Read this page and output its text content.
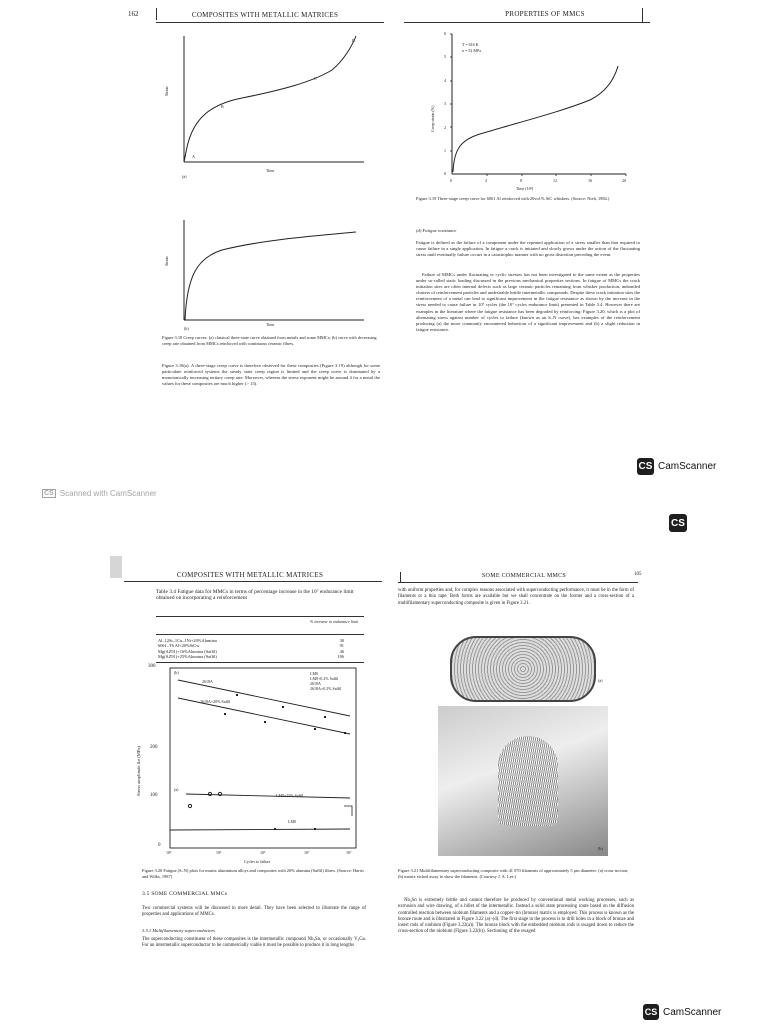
162	COMPOSITES WITH METALLIC MATRICES
Strain
A
B
C
D
(a)
Time
Strain
(b)
Time
Figure 3.18 Creep curves: (a) classical three-state curve obtained from metals and some MMCs; (b) curve with decreasing creep rate obtained from MMCs reinforced with continuous ceramic fibres.
Figure 3.18(a). A three-stage creep curve is therefore observed for these composites (Figure 3.19) although for some particulate reinforced systems the steady state creep region is limited and the creep curve is dominated by a monotonically increasing tertiary creep rate. Moreover, whereas the stress exponent might be around 4 for a metal the values for these composites are much higher (> 13).
PROPERTIES OF MMCS
T = 616 K
σ = 52 MPa
Creep strain (%)
6
5
4
3
2
1
0
0	4	8	12	16	20
Time (10³)
Figure 3.19 Three-stage creep curve for 6061 Al reinforced with 20vol.% SiC whiskers. (Source: Nieh, 1984.)
(d) Fatigue resistance
Fatigue is defined as the failure of a component under the repeated application of a stress smaller than that required to cause failure in a single application. In fatigue a crack is initiated and slowly grows under the action of the fluctuating stress until eventually failure occurs in a catastrophic manner with no gross distortion preceding the event.
Failure of MMCs under fluctuating or cyclic stresses has not been investigated to the same extent as the properties under so-called static loading discussed in the previous mechanical properties sections. In fatigue of MMCs the crack initiation sites are often internal defects such as large ceramic particles remaining from whisker production, unbonded clusters of reinforcement particles and undesirable brittle intermetallic compounds. Despite these crack initiation sites the reinforcement of a metal can lead to significant improvement in the fatigue resistance as shown by the increase in the stress needed to cause failure in 10⁷ cycles (the 10⁷ cycles endurance limit) presented in Table 3.4. However there are examples in the literature where the fatigue resistance has been degraded by reinforcing: Figure 3.20, which is a plot of alternating stress against number of cycles to failure (known as an S–N curve), has examples of the reinforcement producing (a) the more commonly encountered behaviour of a significant improvement and (b) a slight reduction in fatigue resistance.
CS CamScanner
CS Scanned with CamScanner
CS
COMPOSITES WITH METALLIC MATRICES
Table 3.4 Fatigue data for MMCs in terms of percentage increase in the 10⁷ endurance limit obtained on incorporating a reinforcement
% increase in endurance limit
Al–12Si–1Cu–1Ni+20%Alumina	30
6061–T6 Al+20%SiCw	91
Mg(AZ91)+16%Alumina (Saffil)	46
Mg(AZ91)+25%Alumina (Saffil)	106
300
200
100
0
Stress amplitude Δσ (MPa)
(b)
(a)
LM0
LM0+0.2% Saffil
2618A
2618A+0.2% Saffil
2618A
2618A+20% Saffil
LM0+25% Saffil
LM0
10³	10⁵	10⁵	10⁷	10⁷
Cycles to failure
Figure 3.20 Fatigue (S–N) plots for matrix aluminium alloys and composites with 20% alumina (Saffil) fibres. (Source: Harris and Wilks, 1987)
3.5 SOME COMMERCIAL MMCs
Two commercial systems will be discussed in more detail. They have been selected to illustrate the range of properties and applications of MMCs.
3.5.1 Multifilamentary superconductors
The superconducting constituent of these composites is the intermetallic compound Nb₃Sn, or occasionally V₃Ga. For an intermetallic superconductor to be commercially viable it must be possible to produce it in long lengths
SOME COMMERCIAL MMCS	105
with uniform properties and, for complex reasons associated with superconducting performance, it must be in the form of filaments or a thin tape. Both forms are available but we shall concentrate on the former and a cross-section of a multifilamentary superconducting composite is given in Figure 3.21.
(a)
(b)
Figure 3.21 Multifilamentary superconducting composite with 41 070 filaments of approximately 5 μm diameter: (a) cross-section, (b) matrix etched away to show the filaments. (Courtesy J. A. Lee.)
Nb₃Sn is extremely brittle and cannot therefore be produced by conventional metal working processes, such as extrusion and wire drawing, of a billet of the intermetallic. Instead a solid state processing route based on the diffusion controlled reaction between niobium filaments and a copper–tin (bronze) matrix is employed. This process is known as the bronze route and is illustrated in Figure 3.22 (a)–(d). The first stage in the process is to drill holes in a block of bronze and insert rods of niobium (Figure 3.22(a)). The bronze block with the embedded niobium rods is swaged down to reduce the cross-section of the niobium (Figure 3.22(b)). Sectioning of the swaged
CS CamScanner
